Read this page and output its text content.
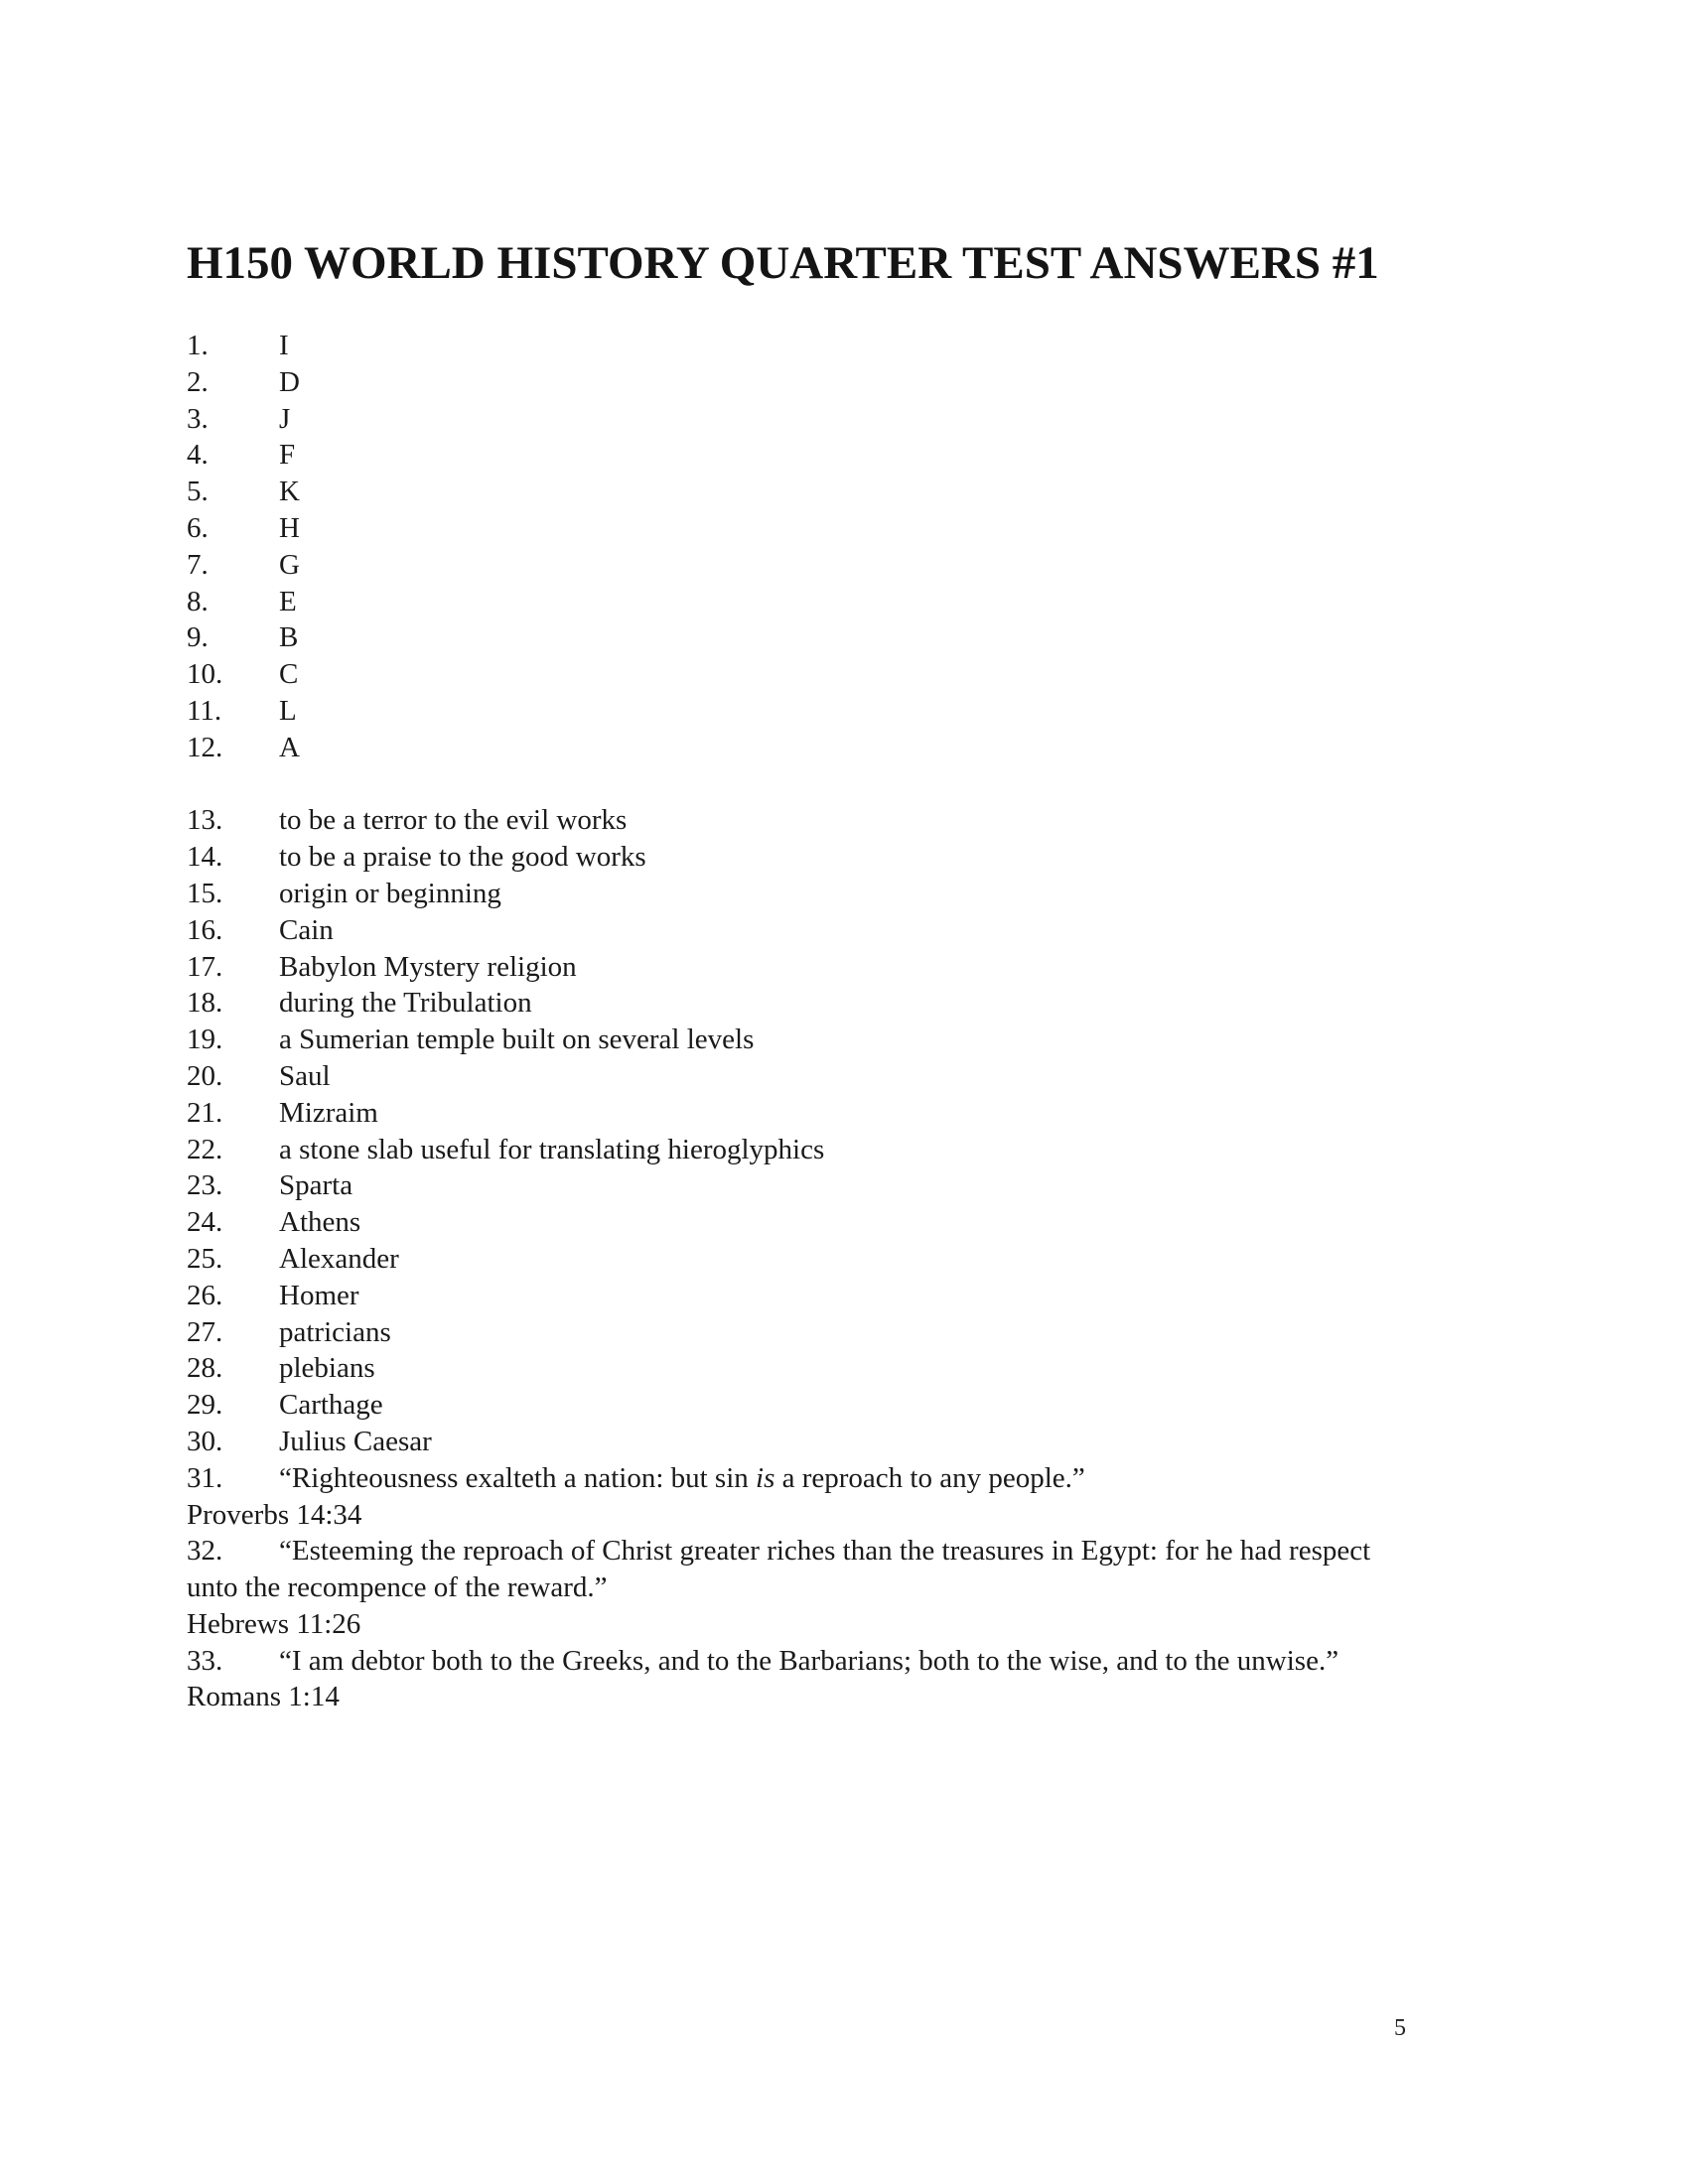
H150 WORLD HISTORY QUARTER TEST ANSWERS #1
1. I
2. D
3. J
4. F
5. K
6. H
7. G
8. E
9. B
10. C
11. L
12. A
13. to be a terror to the evil works
14. to be a praise to the good works
15. origin or beginning
16. Cain
17. Babylon Mystery religion
18. during the Tribulation
19. a Sumerian temple built on several levels
20. Saul
21. Mizraim
22. a stone slab useful for translating hieroglyphics
23. Sparta
24. Athens
25. Alexander
26. Homer
27. patricians
28. plebians
29. Carthage
30. Julius Caesar
31. “Righteousness exalteth a nation: but sin is a reproach to any people.”
Proverbs 14:34
32. “Esteeming the reproach of Christ greater riches than the treasures in Egypt: for he had respect unto the recompence of the reward.”
Hebrews 11:26
33. “I am debtor both to the Greeks, and to the Barbarians; both to the wise, and to the unwise.”
Romans 1:14
5
